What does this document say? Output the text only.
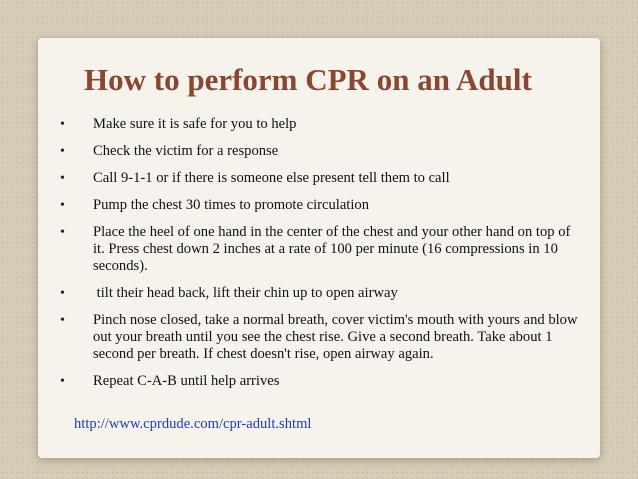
How to perform CPR on an Adult
• Make sure it is safe for you to help
• Check the victim for a response
• Call 9-1-1 or if there is someone else present tell them to call
• Pump the chest 30 times to promote circulation
• Place the heel of one hand in the center of the chest and your other hand on top of it. Press chest down 2 inches at a rate of 100 per minute (16 compressions in 10 seconds).
• tilt their head back, lift their chin up to open airway
• Pinch nose closed, take a normal breath, cover victim's mouth with yours and blow out your breath until you see the chest rise. Give a second breath. Take about 1 second per breath. If chest doesn't rise, open airway again.
• Repeat C-A-B until help arrives
http://www.cprdude.com/cpr-adult.shtml
